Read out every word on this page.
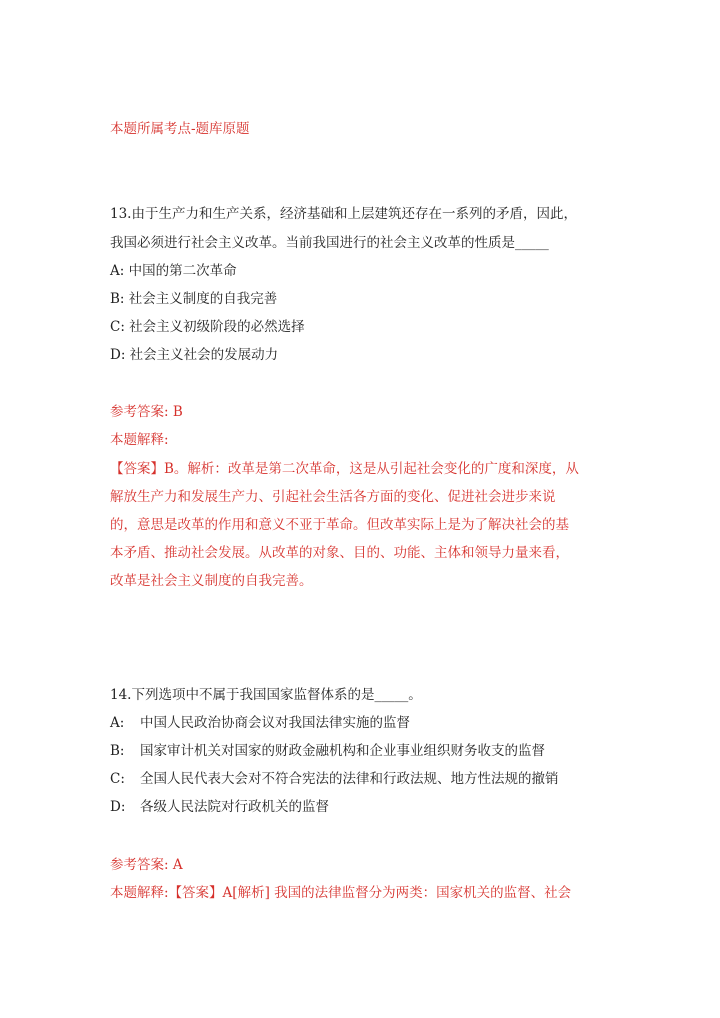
本题所属考点-题库原题
13.由于生产力和生产关系，经济基础和上层建筑还存在一系列的矛盾，因此，
我国必须进行社会主义改革。当前我国进行的社会主义改革的性质是_____
A: 中国的第二次革命
B: 社会主义制度的自我完善
C: 社会主义初级阶段的必然选择
D: 社会主义社会的发展动力
参考答案: B
本题解释:
【答案】B。解析：改革是第二次革命，这是从引起社会变化的广度和深度，从
解放生产力和发展生产力、引起社会生活各方面的变化、促进社会进步来说
的，意思是改革的作用和意义不亚于革命。但改革实际上是为了解决社会的基
本矛盾、推动社会发展。从改革的对象、目的、功能、主体和领导力量来看，
改革是社会主义制度的自我完善。
14.下列选项中不属于我国国家监督体系的是_____。
A: 中国人民政治协商会议对我国法律实施的监督
B: 国家审计机关对国家的财政金融机构和企业事业组织财务收支的监督
C: 全国人民代表大会对不符合宪法的法律和行政法规、地方性法规的撤销
D: 各级人民法院对行政机关的监督
参考答案: A
本题解释:【答案】A[解析] 我国的法律监督分为两类：国家机关的监督、社会
